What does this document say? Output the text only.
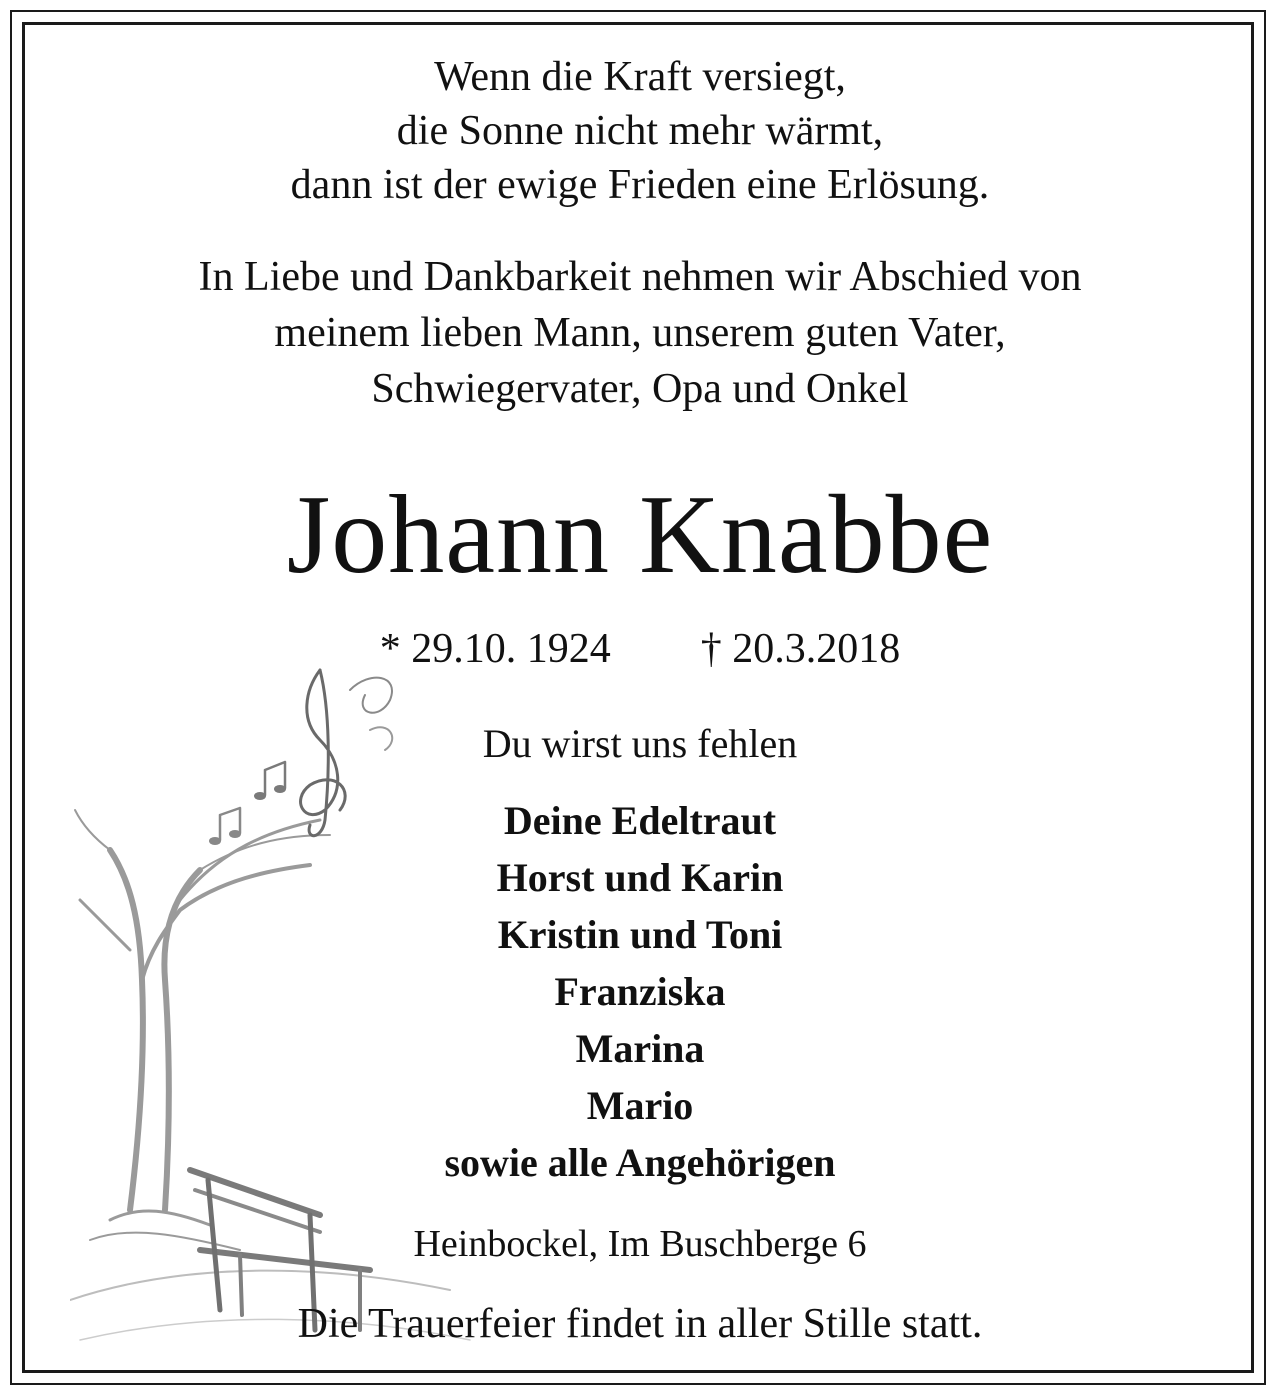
Wenn die Kraft versiegt,
die Sonne nicht mehr wärmt,
dann ist der ewige Frieden eine Erlösung.
In Liebe und Dankbarkeit nehmen wir Abschied von
meinem lieben Mann, unserem guten Vater,
Schwiegervater, Opa und Onkel
Johann Knabbe
* 29.10. 1924 † 20.3.2018
Du wirst uns fehlen
Deine Edeltraut
Horst und Karin
Kristin und Toni
Franziska
Marina
Mario
sowie alle Angehörigen
Heinbockel, Im Buschberge 6
Die Trauerfeier findet in aller Stille statt.
